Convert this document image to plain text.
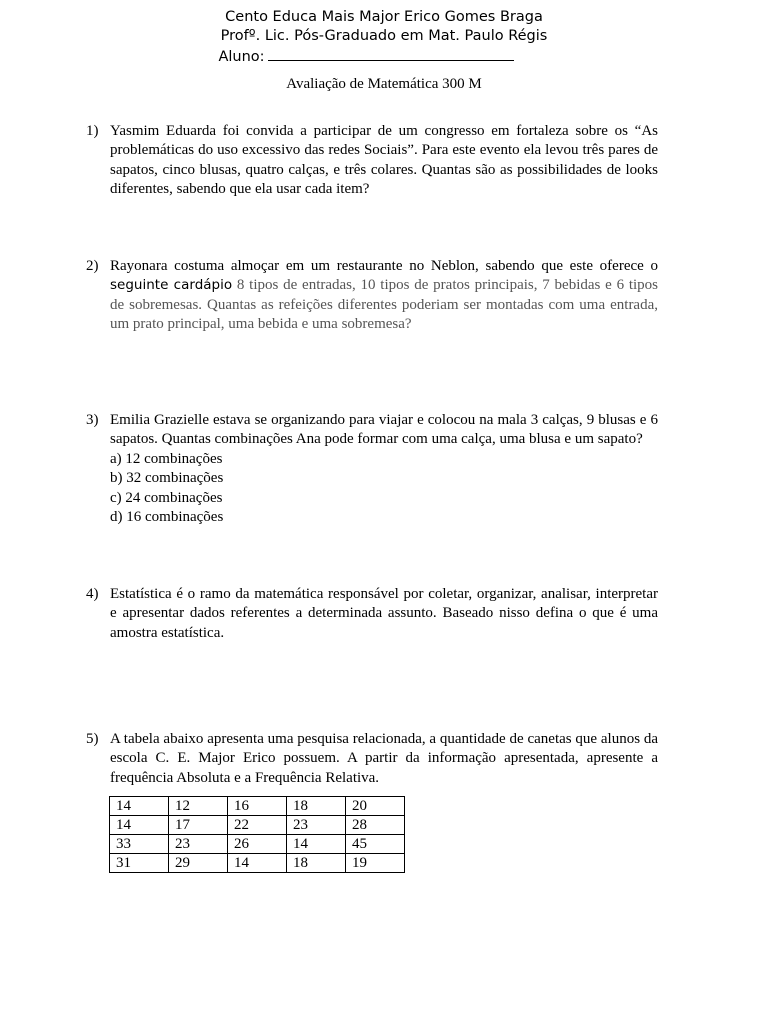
Cento Educa Mais Major Erico Gomes Braga
Profº. Lic. Pós-Graduado em Mat. Paulo Régis
Aluno:
Avaliação de Matemática 300 M
1) Yasmim Eduarda foi convida a participar de um congresso em fortaleza sobre os “As problemáticas do uso excessivo das redes Sociais”. Para este evento ela levou três pares de sapatos, cinco blusas, quatro calças, e três colares. Quantas são as possibilidades de looks diferentes, sabendo que ela usar cada item?
2) Rayonara costuma almoçar em um restaurante no Neblon, sabendo que este oferece o seguinte cardápio 8 tipos de entradas, 10 tipos de pratos principais, 7 bebidas e 6 tipos de sobremesas. Quantas as refeições diferentes poderiam ser montadas com uma entrada, um prato principal, uma bebida e uma sobremesa?
3) Emilia Grazielle estava se organizando para viajar e colocou na mala 3 calças, 9 blusas e 6 sapatos. Quantas combinações Ana pode formar com uma calça, uma blusa e um sapato?
a) 12 combinações
b) 32 combinações
c) 24 combinações
d) 16 combinações
4) Estatística é o ramo da matemática responsável por coletar, organizar, analisar, interpretar e apresentar dados referentes a determinada assunto. Baseado nisso defina o que é uma amostra estatística.
5) A tabela abaixo apresenta uma pesquisa relacionada, a quantidade de canetas que alunos da escola C. E. Major Erico possuem. A partir da informação apresentada, apresente a frequência Absoluta e a Frequência Relativa.
14	12	16	18	20
14	17	22	23	28
33	23	26	14	45
31	29	14	18	19
